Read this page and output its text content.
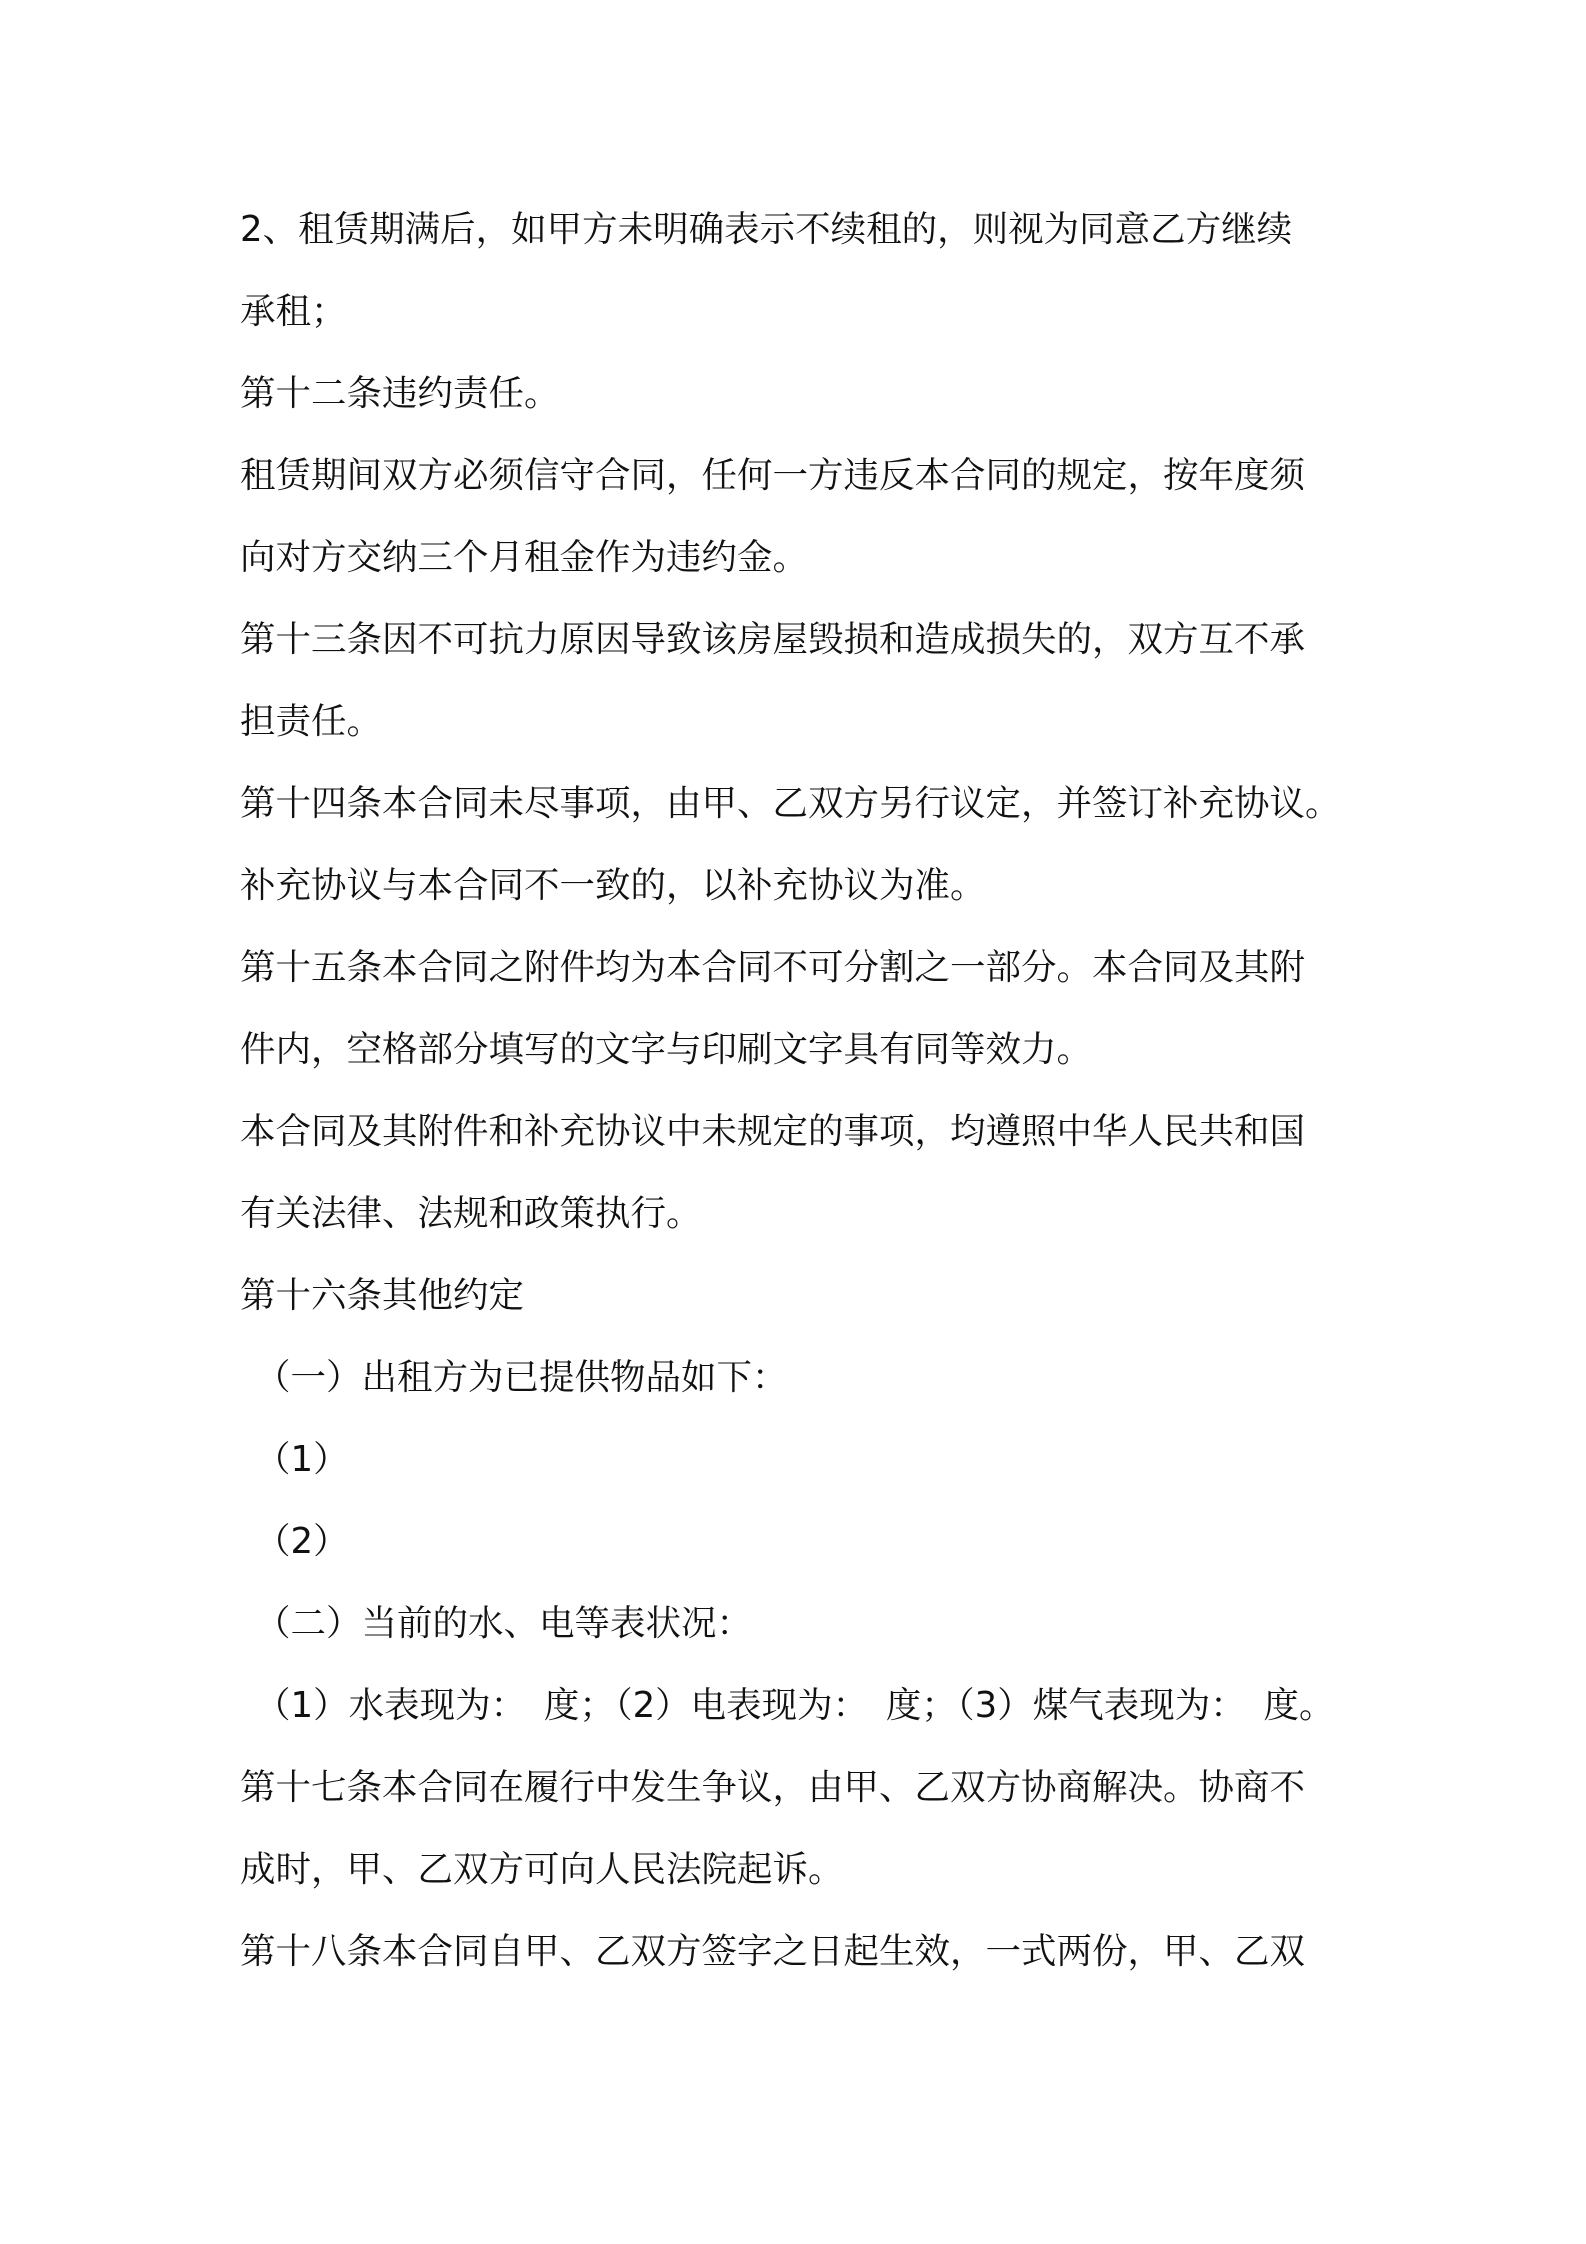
2、租赁期满后，如甲方未明确表示不续租的，则视为同意乙方继续
承租；
第十二条违约责任。
租赁期间双方必须信守合同，任何一方违反本合同的规定，按年度须
向对方交纳三个月租金作为违约金。
第十三条因不可抗力原因导致该房屋毁损和造成损失的，双方互不承
担责任。
第十四条本合同未尽事项，由甲、乙双方另行议定，并签订补充协议。
补充协议与本合同不一致的，以补充协议为准。
第十五条本合同之附件均为本合同不可分割之一部分。本合同及其附
件内，空格部分填写的文字与印刷文字具有同等效力。
本合同及其附件和补充协议中未规定的事项，均遵照中华人民共和国
有关法律、法规和政策执行。
第十六条其他约定
（一）出租方为已提供物品如下：
（1）
（2）
（二）当前的水、电等表状况：
（1）水表现为：　度；（2）电表现为：　度；（3）煤气表现为：　度。
第十七条本合同在履行中发生争议，由甲、乙双方协商解决。协商不
成时，甲、乙双方可向人民法院起诉。
第十八条本合同自甲、乙双方签字之日起生效，一式两份，甲、乙双
